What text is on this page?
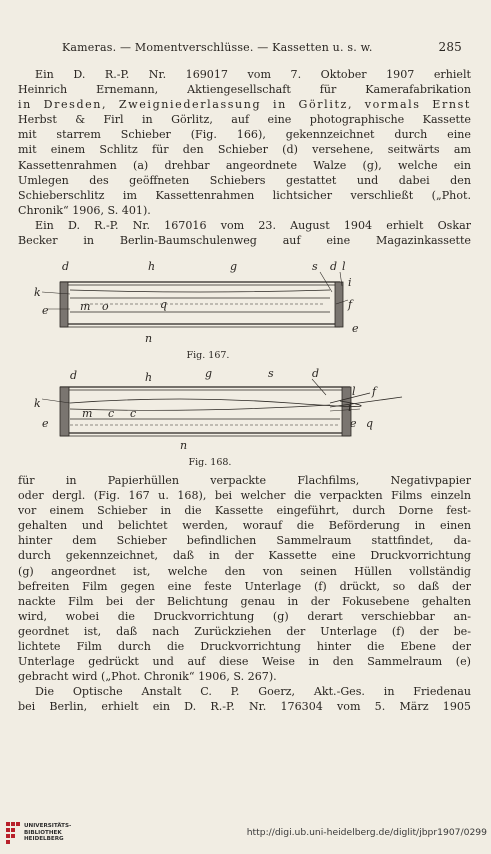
Kameras. — Momentverschlüsse. — Kassetten u. s. w.	285
Ein D. R.-P. Nr. 169017 vom 7. Oktober 1907 erhielt
Heinrich Ernemann, Aktiengesellschaft für Kamerafabrikation
in Dresden, Zweigniederlassung in Görlitz, vormals Ernst
Herbst & Firl in Görlitz, auf eine photographische Kassette
mit starrem Schieber (Fig. 166), gekennzeichnet durch eine
mit einem Schlitz für den Schieber (d) versehene, seitwärts am
Kassettenrahmen (a) drehbar angeordnete Walze (g), welche ein
Umlegen des geöffneten Schiebers gestattet und dabei den
Schieberschlitz im Kassettenrahmen lichtsicher verschließt („Phot.
Chronik“ 1906, S. 401).
Ein D. R.-P. Nr. 167016 vom 23. August 1904 erhielt Oskar
Becker in Berlin-Baumschulenweg auf eine Magazinkassette
d	h	g	s d l
k
i
e	m o	q	f
e
n
Fig. 167.
d	h	g	s	d
l f
k
m c c	i
e	e q
n
Fig. 168.
für in Papierhüllen verpackte Flachfilms, Negativpapier
oder dergl. (Fig. 167 u. 168), bei welcher die verpackten Films einzeln
vor einem Schieber in die Kassette eingeführt, durch Dorne fest-
gehalten und belichtet werden, worauf die Beförderung in einen
hinter dem Schieber befindlichen Sammelraum stattfindet, da-
durch gekennzeichnet, daß in der Kassette eine Druckvorrichtung
(g) angeordnet ist, welche den von seinen Hüllen vollständig
befreiten Film gegen eine feste Unterlage (f) drückt, so daß der
nackte Film bei der Belichtung genau in der Fokusebene gehalten
wird, wobei die Druckvorrichtung (g) derart verschiebbar an-
geordnet ist, daß nach Zurückziehen der Unterlage (f) der be-
lichtete Film durch die Druckvorrichtung hinter die Ebene der
Unterlage gedrückt und auf diese Weise in den Sammelraum (e)
gebracht wird („Phot. Chronik“ 1906, S. 267).
Die Optische Anstalt C. P. Goerz, Akt.-Ges. in Friedenau
bei Berlin, erhielt ein D. R.-P. Nr. 176304 vom 5. März 1905
UNIVERSITÄTS-
BIBLIOTHEK
HEIDELBERG
http://digi.ub.uni-heidelberg.de/diglit/jbpr1907/0299
